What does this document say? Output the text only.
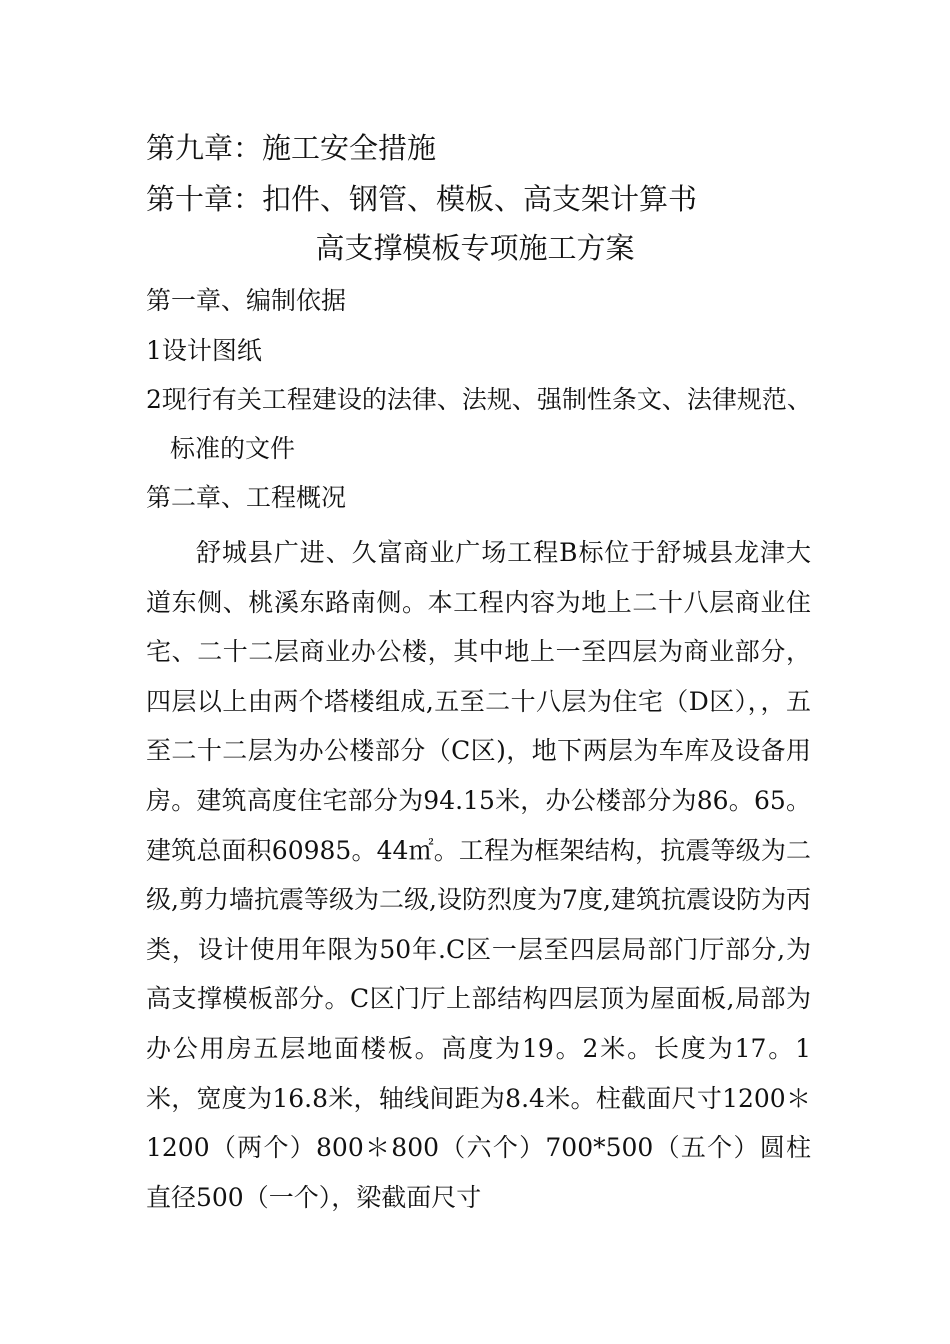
第九章：施工安全措施
第十章：扣件、钢管、模板、高支架计算书
高支撑模板专项施工方案
第一章、编制依据
1设计图纸
2现行有关工程建设的法律、法规、强制性条文、法律规范、
标准的文件
第二章、工程概况
舒城县广进、久富商业广场工程B标位于舒城县龙津大道东侧、桃溪东路南侧。本工程内容为地上二十八层商业住宅、二十二层商业办公楼，其中地上一至四层为商业部分，四层以上由两个塔楼组成,五至二十八层为住宅（D区），，五至二十二层为办公楼部分（C区)，地下两层为车库及设备用房。建筑高度住宅部分为94.15米，办公楼部分为86。65。建筑总面积60985。44㎡。工程为框架结构，抗震等级为二级,剪力墙抗震等级为二级,设防烈度为7度,建筑抗震设防为丙类，设计使用年限为50年.C区一层至四层局部门厅部分,为高支撑模板部分。C区门厅上部结构四层顶为屋面板,局部为办公用房五层地面楼板。高度为19。2米。长度为17。1米，宽度为16.8米，轴线间距为8.4米。柱截面尺寸1200＊1200（两个）800＊800（六个）700*500（五个）圆柱直径500（一个），梁截面尺寸
